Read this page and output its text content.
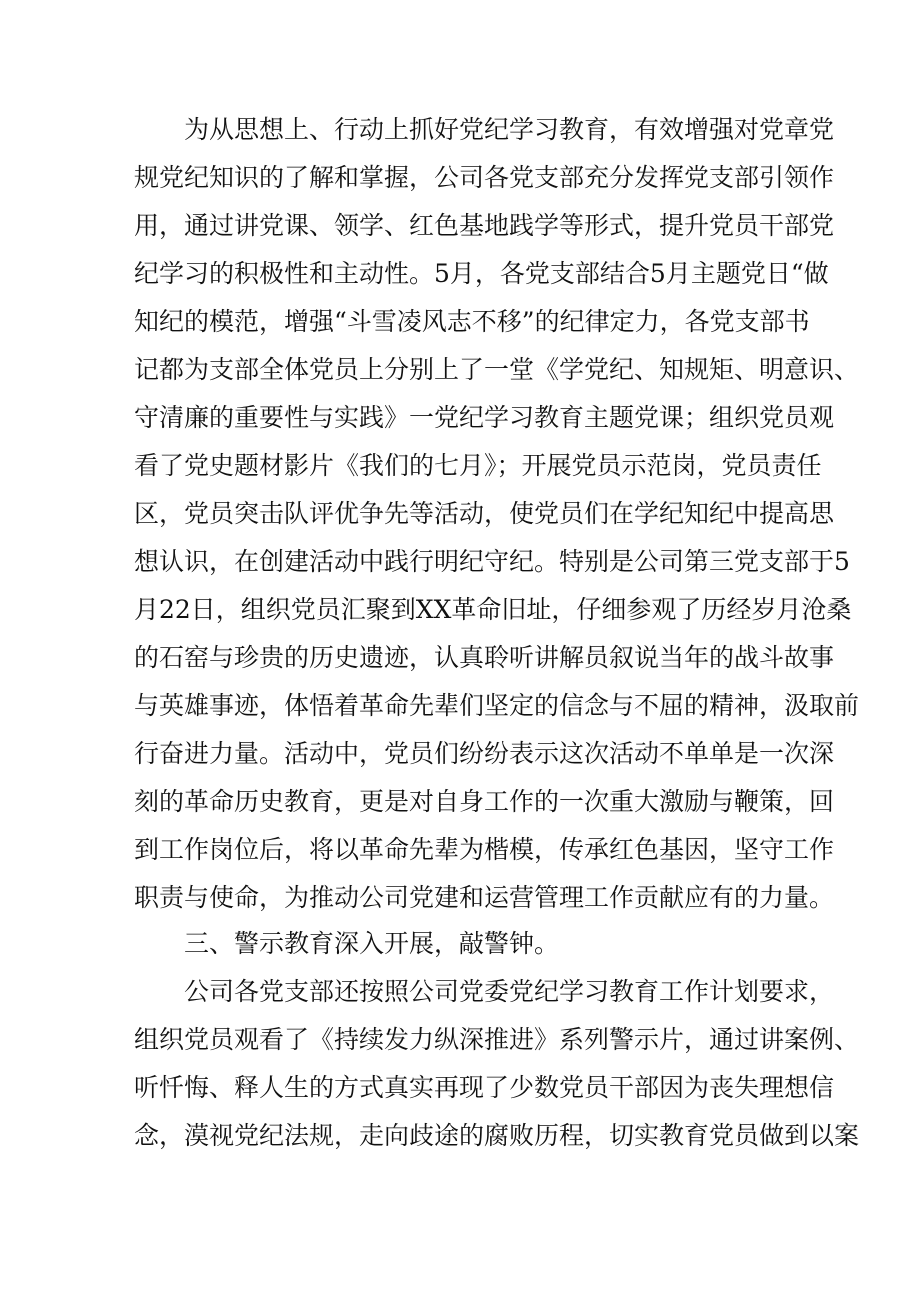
为从思想上、行动上抓好党纪学习教育，有效增强对党章党
规党纪知识的了解和掌握，公司各党支部充分发挥党支部引领作
用，通过讲党课、领学、红色基地践学等形式，提升党员干部党
纪学习的积极性和主动性。5月，各党支部结合5月主题党日“做
知纪的模范，增强“斗雪凌风志不移”的纪律定力，各党支部书
记都为支部全体党员上分别上了一堂《学党纪、知规矩、明意识、
守清廉的重要性与实践》一党纪学习教育主题党课；组织党员观
看了党史题材影片《我们的七月》；开展党员示范岗，党员责任
区，党员突击队评优争先等活动，使党员们在学纪知纪中提高思
想认识，在创建活动中践行明纪守纪。特别是公司第三党支部于5
月22日，组织党员汇聚到XX革命旧址，仔细参观了历经岁月沧桑
的石窑与珍贵的历史遗迹，认真聆听讲解员叙说当年的战斗故事
与英雄事迹，体悟着革命先辈们坚定的信念与不屈的精神，汲取前
行奋进力量。活动中，党员们纷纷表示这次活动不单单是一次深
刻的革命历史教育，更是对自身工作的一次重大激励与鞭策，回
到工作岗位后，将以革命先辈为楷模，传承红色基因，坚守工作
职责与使命，为推动公司党建和运营管理工作贡献应有的力量。
三、警示教育深入开展，敲警钟。
公司各党支部还按照公司党委党纪学习教育工作计划要求，
组织党员观看了《持续发力纵深推进》系列警示片，通过讲案例、
听忏悔、释人生的方式真实再现了少数党员干部因为丧失理想信
念，漠视党纪法规，走向歧途的腐败历程，切实教育党员做到以案
